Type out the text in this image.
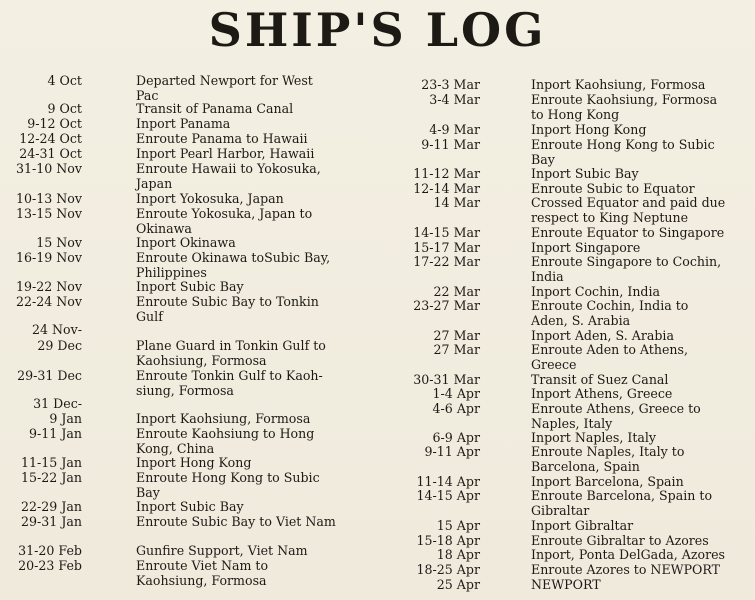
SHIP'S LOG
4 Oct	Departed Newport for West Pac
9 Oct	Transit of Panama Canal
9-12 Oct	Inport Panama
12-24 Oct	Enroute Panama to Hawaii
24-31 Oct	Inport Pearl Harbor, Hawaii
31-10 Nov	Enroute Hawaii to Yokosuka, Japan
10-13 Nov	Inport Yokosuka, Japan
13-15 Nov	Enroute Yokosuka, Japan to Okinawa
15 Nov	Inport Okinawa
16-19 Nov	Enroute Okinawa toSubic Bay, Philippines
19-22 Nov	Inport Subic Bay
22-24 Nov	Enroute Subic Bay to Tonkin Gulf
24 Nov-
29 Dec	Plane Guard in Tonkin Gulf to Kaohsiung, Formosa
29-31 Dec	Enroute Tonkin Gulf to Kaoh-siung, Formosa
31 Dec-
9 Jan	Inport Kaohsiung, Formosa
9-11 Jan	Enroute Kaohsiung to Hong Kong, China
11-15 Jan	Inport Hong Kong
15-22 Jan	Enroute Hong Kong to Subic Bay
22-29 Jan	Inport Subic Bay
29-31 Jan	Enroute Subic Bay to Viet Nam
31-20 Feb	Gunfire Support, Viet Nam
20-23 Feb	Enroute Viet Nam to Kaohsiung, Formosa
23-3 Mar	Inport Kaohsiung, Formosa
3-4 Mar	Enroute Kaohsiung, Formosa to Hong Kong
4-9 Mar	Inport Hong Kong
9-11 Mar	Enroute Hong Kong to Subic Bay
11-12 Mar	Inport Subic Bay
12-14 Mar	Enroute Subic to Equator
14 Mar	Crossed Equator and paid due respect to King Neptune
14-15 Mar	Enroute Equator to Singapore
15-17 Mar	Inport Singapore
17-22 Mar	Enroute Singapore to Cochin, India
22 Mar	Inport Cochin, India
23-27 Mar	Enroute Cochin, India to Aden, S. Arabia
27 Mar	Inport Aden, S. Arabia
27 Mar	Enroute Aden to Athens, Greece
30-31 Mar	Transit of Suez Canal
1-4 Apr	Inport Athens, Greece
4-6 Apr	Enroute Athens, Greece to Naples, Italy
6-9 Apr	Inport Naples, Italy
9-11 Apr	Enroute Naples, Italy to Barcelona, Spain
11-14 Apr	Inport Barcelona, Spain
14-15 Apr	Enroute Barcelona, Spain to Gibraltar
15 Apr	Inport Gibraltar
15-18 Apr	Enroute Gibraltar to Azores
18 Apr	Inport, Ponta DelGada, Azores
18-25 Apr	Enroute Azores to NEWPORT
25 Apr	NEWPORT
